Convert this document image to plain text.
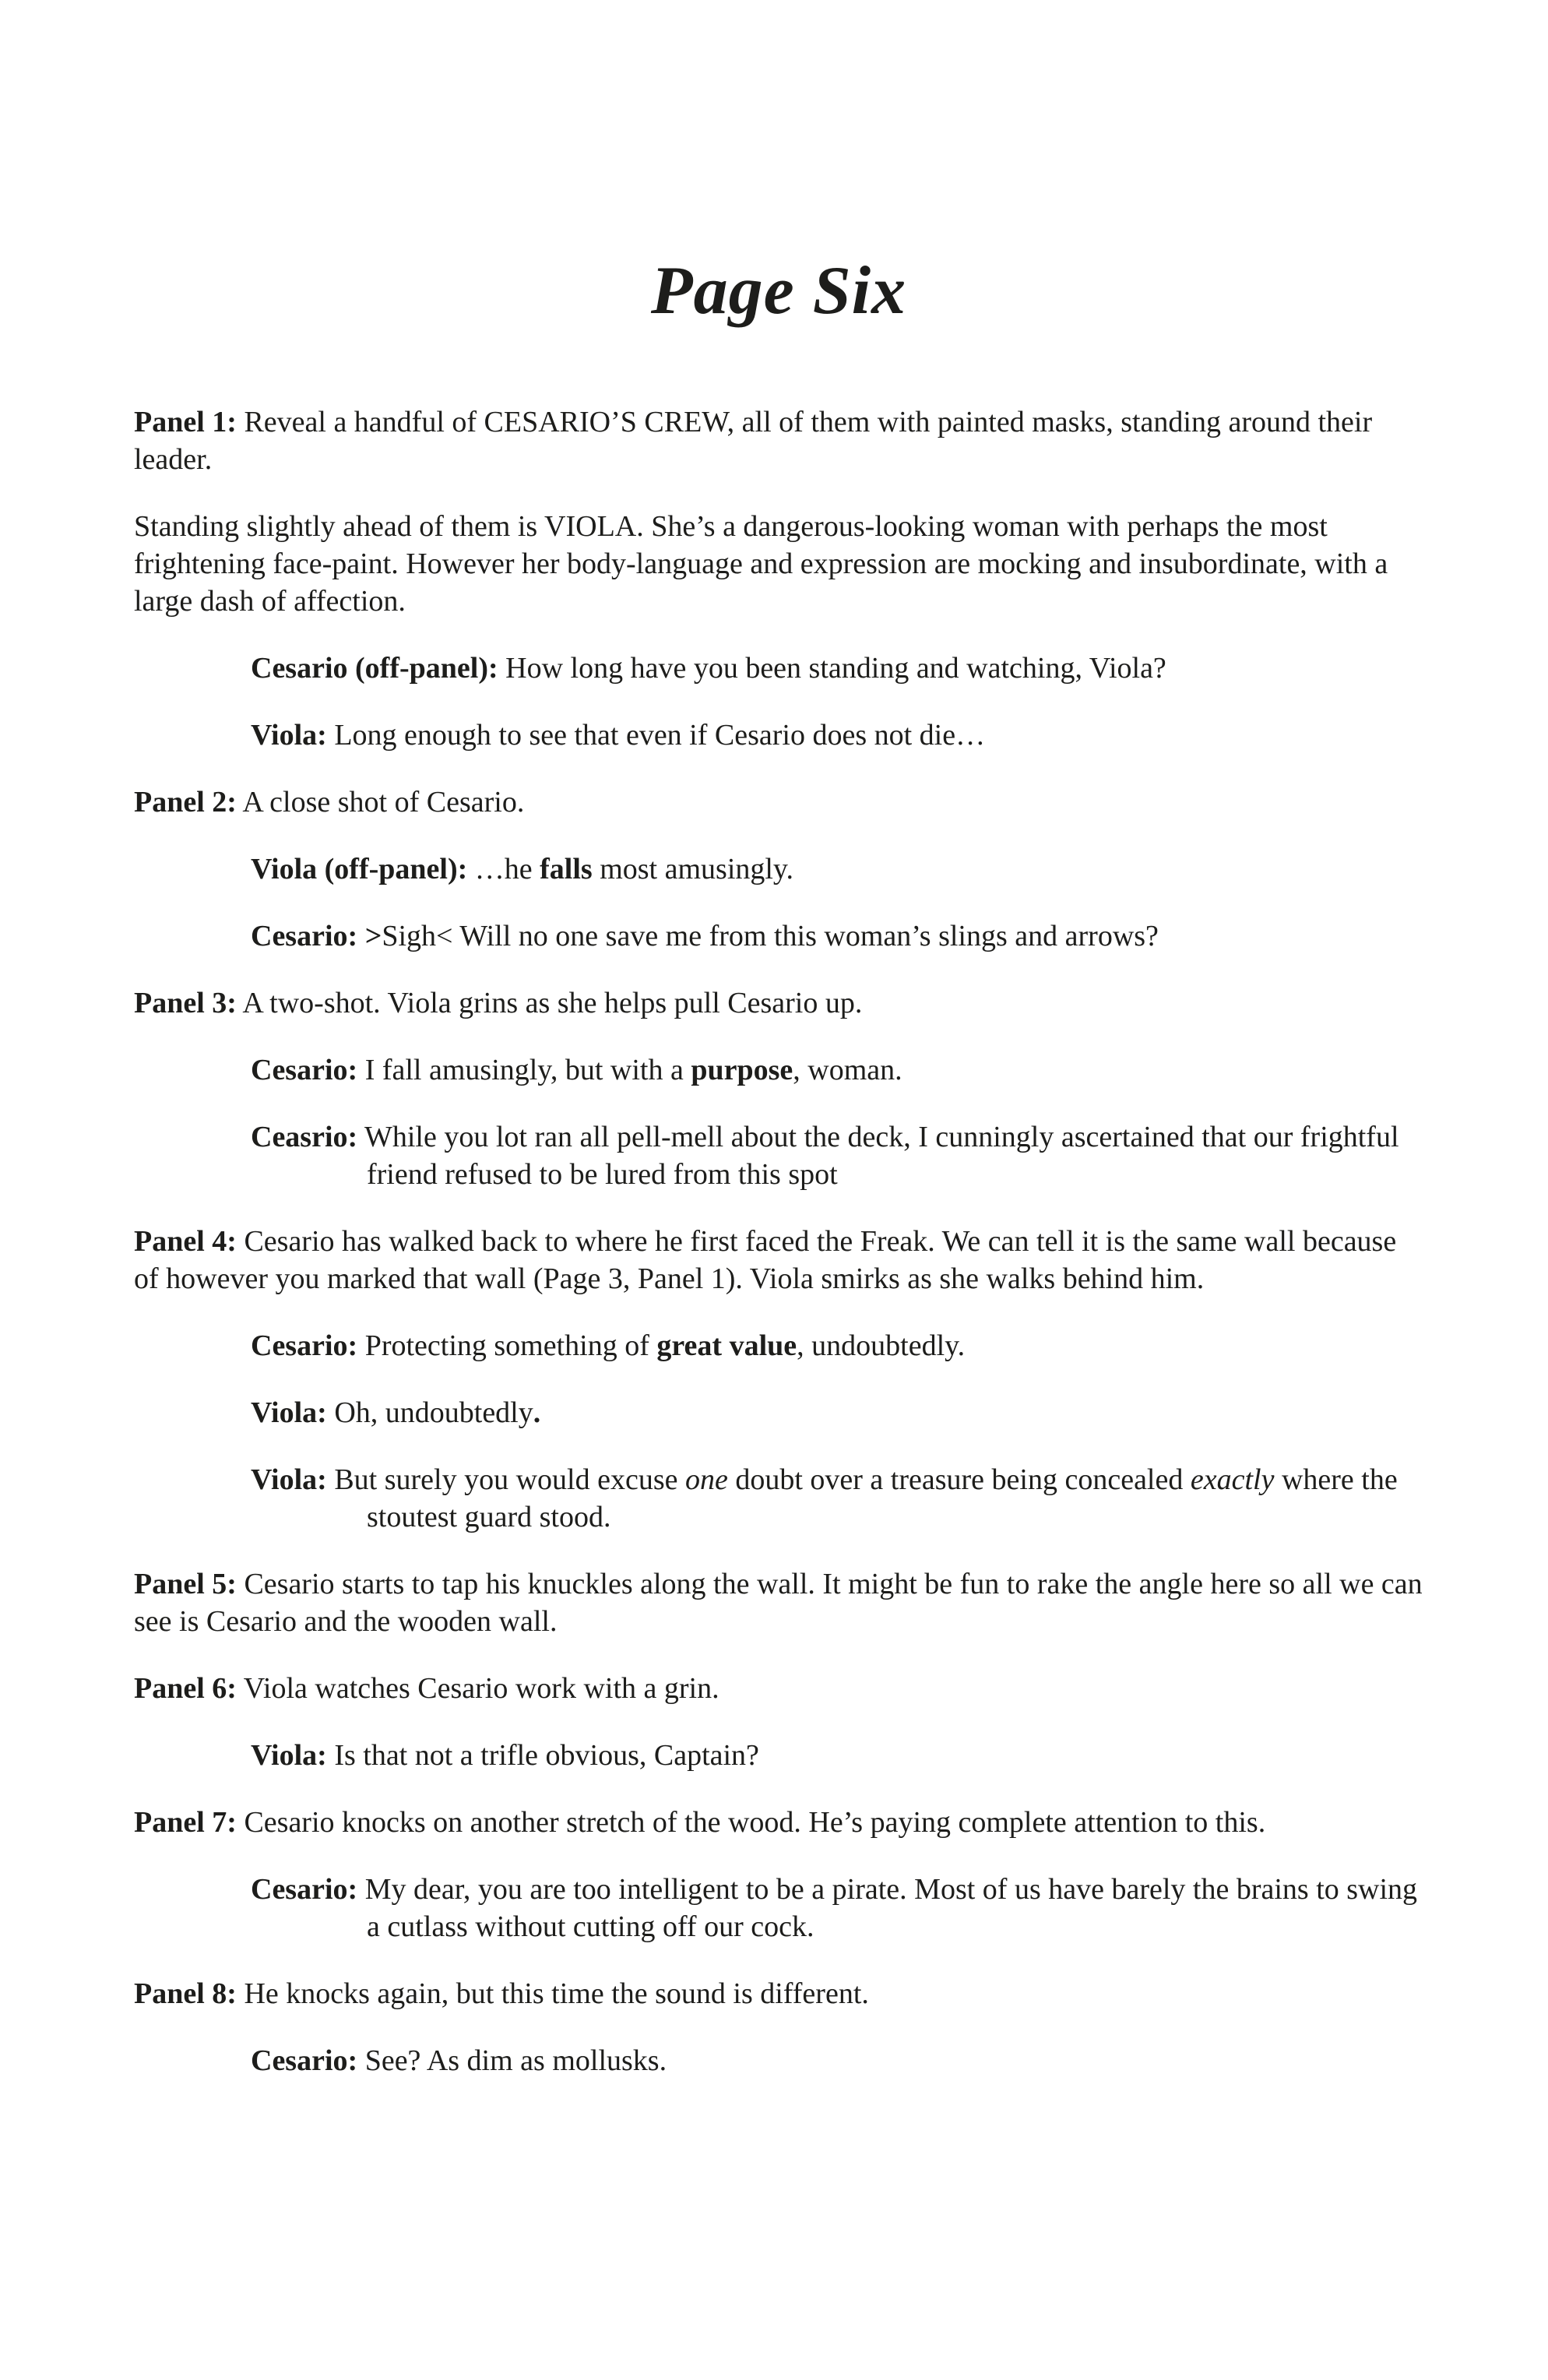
Page Six

Panel 1: Reveal a handful of CESARIO’S CREW, all of them with painted masks, standing around their leader.

Standing slightly ahead of them is VIOLA. She’s a dangerous-looking woman with perhaps the most frightening face-paint. However her body-language and expression are mocking and insubordinate, with a large dash of affection.

Cesario (off-panel): How long have you been standing and watching, Viola?

Viola: Long enough to see that even if Cesario does not die…

Panel 2: A close shot of Cesario.

Viola (off-panel): …he falls most amusingly.

Cesario: >Sigh< Will no one save me from this woman’s slings and arrows?

Panel 3: A two-shot. Viola grins as she helps pull Cesario up.

Cesario: I fall amusingly, but with a purpose, woman.

Ceasrio: While you lot ran all pell-mell about the deck, I cunningly ascertained that our frightful friend refused to be lured from this spot

Panel 4: Cesario has walked back to where he first faced the Freak. We can tell it is the same wall because of however you marked that wall (Page 3, Panel 1). Viola smirks as she walks behind him.

Cesario: Protecting something of great value, undoubtedly.

Viola: Oh, undoubtedly.

Viola: But surely you would excuse one doubt over a treasure being concealed exactly where the stoutest guard stood.

Panel 5: Cesario starts to tap his knuckles along the wall. It might be fun to rake the angle here so all we can see is Cesario and the wooden wall.

Panel 6: Viola watches Cesario work with a grin.

Viola: Is that not a trifle obvious, Captain?

Panel 7: Cesario knocks on another stretch of the wood. He’s paying complete attention to this.

Cesario: My dear, you are too intelligent to be a pirate. Most of us have barely the brains to swing a cutlass without cutting off our cock.

Panel 8: He knocks again, but this time the sound is different.

Cesario: See? As dim as mollusks.
